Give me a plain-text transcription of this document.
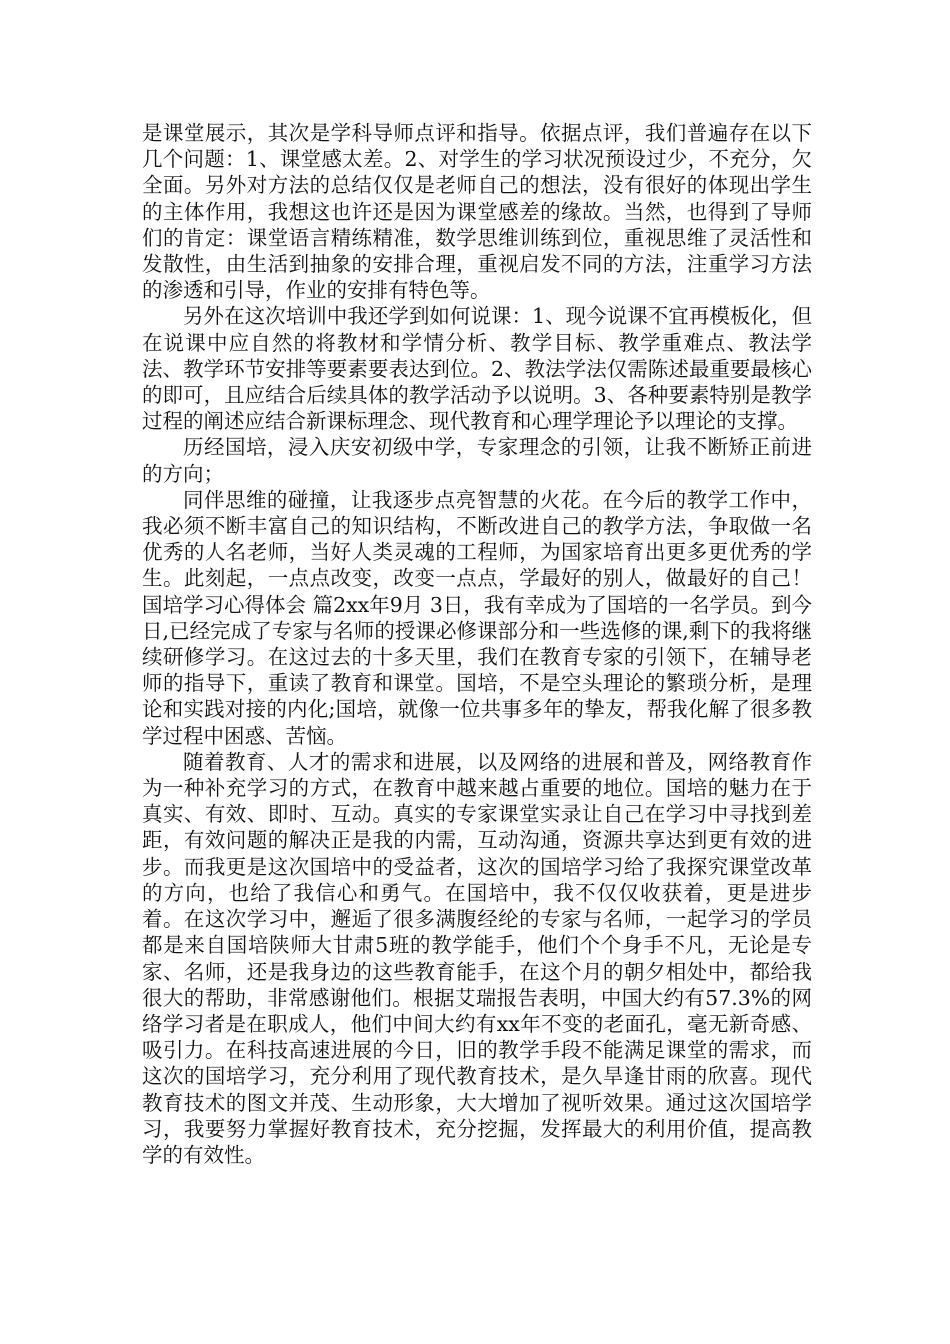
是课堂展示，其次是学科导师点评和指导。依据点评，我们普遍存在以下几个问题：1、课堂感太差。2、对学生的学习状况预设过少，不充分，欠全面。另外对方法的总结仅仅是老师自己的想法，没有很好的体现出学生的主体作用，我想这也许还是因为课堂感差的缘故。当然，也得到了导师们的肯定：课堂语言精练精准，数学思维训练到位，重视思维了灵活性和发散性，由生活到抽象的安排合理，重视启发不同的方法，注重学习方法的渗透和引导，作业的安排有特色等。

另外在这次培训中我还学到如何说课：1、现今说课不宜再模板化，但在说课中应自然的将教材和学情分析、教学目标、教学重难点、教法学法、教学环节安排等要素要表达到位。2、教法学法仅需陈述最重要最核心的即可，且应结合后续具体的教学活动予以说明。3、各种要素特别是教学过程的阐述应结合新课标理念、现代教育和心理学理论予以理论的支撑。

历经国培，浸入庆安初级中学，专家理念的引领，让我不断矫正前进的方向；

同伴思维的碰撞，让我逐步点亮智慧的火花。在今后的教学工作中，我必须不断丰富自己的知识结构，不断改进自己的教学方法，争取做一名优秀的人名老师，当好人类灵魂的工程师，为国家培育出更多更优秀的学生。此刻起，一点点改变，改变一点点，学最好的别人，做最好的自己！国培学习心得体会 篇2xx年9月 3日，我有幸成为了国培的一名学员。到今日,已经完成了专家与名师的授课必修课部分和一些选修的课,剩下的我将继续研修学习。在这过去的十多天里，我们在教育专家的引领下，在辅导老师的指导下，重读了教育和课堂。国培，不是空头理论的繁琐分析，是理论和实践对接的内化;国培，就像一位共事多年的挚友，帮我化解了很多教学过程中困惑、苦恼。

随着教育、人才的需求和进展，以及网络的进展和普及，网络教育作为一种补充学习的方式，在教育中越来越占重要的地位。国培的魅力在于真实、有效、即时、互动。真实的专家课堂实录让自己在学习中寻找到差距，有效问题的解决正是我的内需，互动沟通，资源共享达到更有效的进步。而我更是这次国培中的受益者，这次的国培学习给了我探究课堂改革的方向，也给了我信心和勇气。在国培中，我不仅仅收获着，更是进步着。在这次学习中，邂逅了很多满腹经纶的专家与名师，一起学习的学员都是来自国培陕师大甘肃5班的教学能手，他们个个身手不凡，无论是专家、名师，还是我身边的这些教育能手，在这个月的朝夕相处中，都给我很大的帮助，非常感谢他们。根据艾瑞报告表明，中国大约有57.3%的网络学习者是在职成人，他们中间大约有xx年不变的老面孔，毫无新奇感、吸引力。在科技高速进展的今日，旧的教学手段不能满足课堂的需求，而这次的国培学习，充分利用了现代教育技术，是久旱逢甘雨的欣喜。现代教育技术的图文并茂、生动形象，大大增加了视听效果。通过这次国培学习，我要努力掌握好教育技术，充分挖掘，发挥最大的利用价值，提高教学的有效性。
